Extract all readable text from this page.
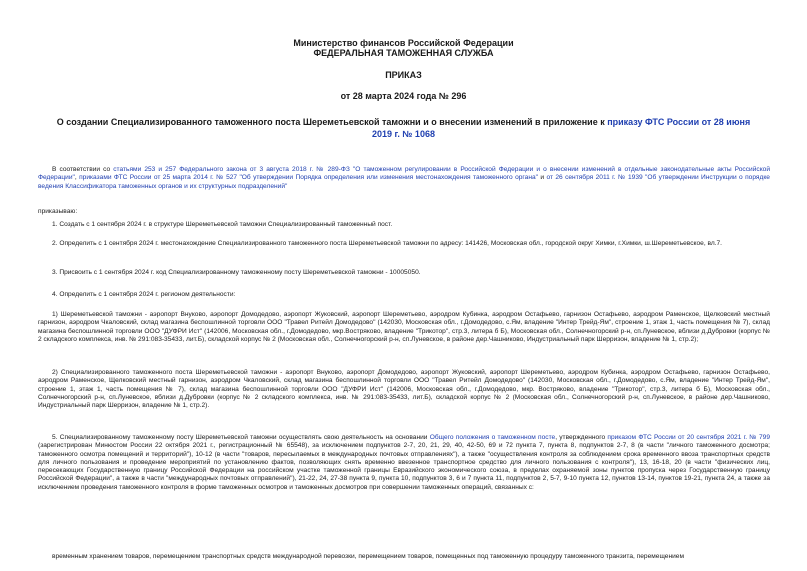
Министерство финансов Российской Федерации
ФЕДЕРАЛЬНАЯ ТАМОЖЕННАЯ СЛУЖБА
ПРИКАЗ
от 28 марта 2024 года № 296
О создании Специализированного таможенного поста Шереметьевской таможни и о внесении изменений в приложение к приказу ФТС России от 28 июня 2019 г. № 1068
В соответствии со статьями 253 и 257 Федерального закона от 3 августа 2018 г. № 289-ФЗ "О таможенном регулировании в Российской Федерации и о внесении изменений в отдельные законодательные акты Российской Федерации", приказами ФТС России от 25 марта 2014 г. № 527 "Об утверждении Порядка определения или изменения местонахождения таможенного органа" и от 26 сентября 2011 г. № 1939 "Об утверждении Инструкции о порядке ведения Классификатора таможенных органов и их структурных подразделений"
приказываю:
1. Создать с 1 сентября 2024 г. в структуре Шереметьевской таможни Специализированный таможенный пост.
2. Определить с 1 сентября 2024 г. местонахождение Специализированного таможенного поста Шереметьевской таможни по адресу: 141426, Московская обл., городской округ Химки, г.Химки, ш.Шереметьевское, вл.7.
3. Присвоить с 1 сентября 2024 г. код Специализированному таможенному посту Шереметьевской таможни - 10005050.
4. Определить с 1 сентября 2024 г. регионом деятельности:
1) Шереметьевской таможни - аэропорт Внуково, аэропорт Домодедово, аэропорт Жуковский, аэропорт Шереметьево, аэродром Кубинка, аэродром Остафьево, гарнизон Остафьево, аэродром Раменское, Щелковский местный гарнизон, аэродром Чкаловский, склад магазина беспошлинной торговли ООО "Травел Ритейл Домодедово" (142030, Московская обл., г.Домодедово, с.Ям, владение "Интер Трейд-Ям", строение 1, этаж 1, часть помещения № 7), склад магазина беспошлинной торговли ООО "ДУФРИ Ист" (142006, Московская обл., г.Домодедово, мкр.Востряково, владение "Трикотор", стр.3, литера б Б), Московская обл., Солнечногорский р-н, сп.Луневское, вблизи д.Дубровки (корпус № 2 складского комплекса, инв. № 291:083-35433, лит.Б), складской корпус № 2 (Московская обл., Солнечногорский р-н, сп.Луневское, в районе дер.Чашниково, Индустриальный парк Шерризон, владение № 1, стр.2);
2) Специализированного таможенного поста Шереметьевской таможни - аэропорт Внуково, аэропорт Домодедово, аэропорт Жуковский, аэропорт Шереметьево, аэродром Кубинка, аэродром Остафьево, гарнизон Остафьево, аэродром Раменское, Щелковский местный гарнизон, аэродром Чкаловский, склад магазина беспошлинной торговли ООО "Травел Ритейл Домодедово" (142030, Московская обл., г.Домодедово, с.Ям, владение "Интер Трейд-Ям", строение 1, этаж 1, часть помещения № 7), склад магазина беспошлинной торговли ООО "ДУФРИ Ист" (142006, Московская обл., г.Домодедово, мкр. Востряково, владение "Трикотор", стр.3, литера б Б), Московская обл., Солнечногорский р-н, сп.Луневское, вблизи д.Дубровки (корпус № 2 складского комплекса, инв. № 291:083-35433, лит.Б), складской корпус № 2 (Московская обл., Солнечногорский р-н, сп.Луневское, в районе дер.Чашниково, Индустриальный парк Шерризон, владение № 1, стр.2).
5. Специализированному таможенному посту Шереметьевской таможни осуществлять свою деятельность на основании Общего положения о таможенном посте, утвержденного приказом ФТС России от 20 сентября 2021 г. № 799 (зарегистрирован Минюстом России 22 октября 2021 г., регистрационный № 65548), за исключением подпунктов 2-7, 20, 21, 29, 40, 42-50, 69 и 72 пункта 7, пункта 8, подпунктов 2-7, 8 (в части "личного таможенного досмотра; таможенного осмотра помещений и территорий"), 10-12 (в части "товаров, пересылаемых в международных почтовых отправлениях"), а также "осуществления контроля за соблюдением срока временного ввоза транспортных средств для личного пользования и проведение мероприятий по установлению фактов, позволяющих снять временно ввезенное транспортное средство для личного пользования с контроля"), 13, 16-18, 20 (в части "физических лиц, пересекающих Государственную границу Российской Федерации на российском участке таможенной границы Евразийского экономического союза, в пределах охраняемой зоны пунктов пропуска через Государственную границу Российской Федерации", а также в части "международных почтовых отправлений"), 21-22, 24, 27-38 пункта 9, пункта 10, подпунктов 3, 6 и 7 пункта 11, подпунктов 2, 5-7, 9-10 пункта 12, пунктов 13-14, пунктов 19-21, пункта 24, а также за исключением проведения таможенного контроля в форме таможенных осмотров и таможенных досмотров при совершении таможенных операций, связанных с:
временным хранением товаров, перемещением транспортных средств международной перевозки, перемещением товаров, помещенных под таможенную процедуру таможенного транзита, перемещением
